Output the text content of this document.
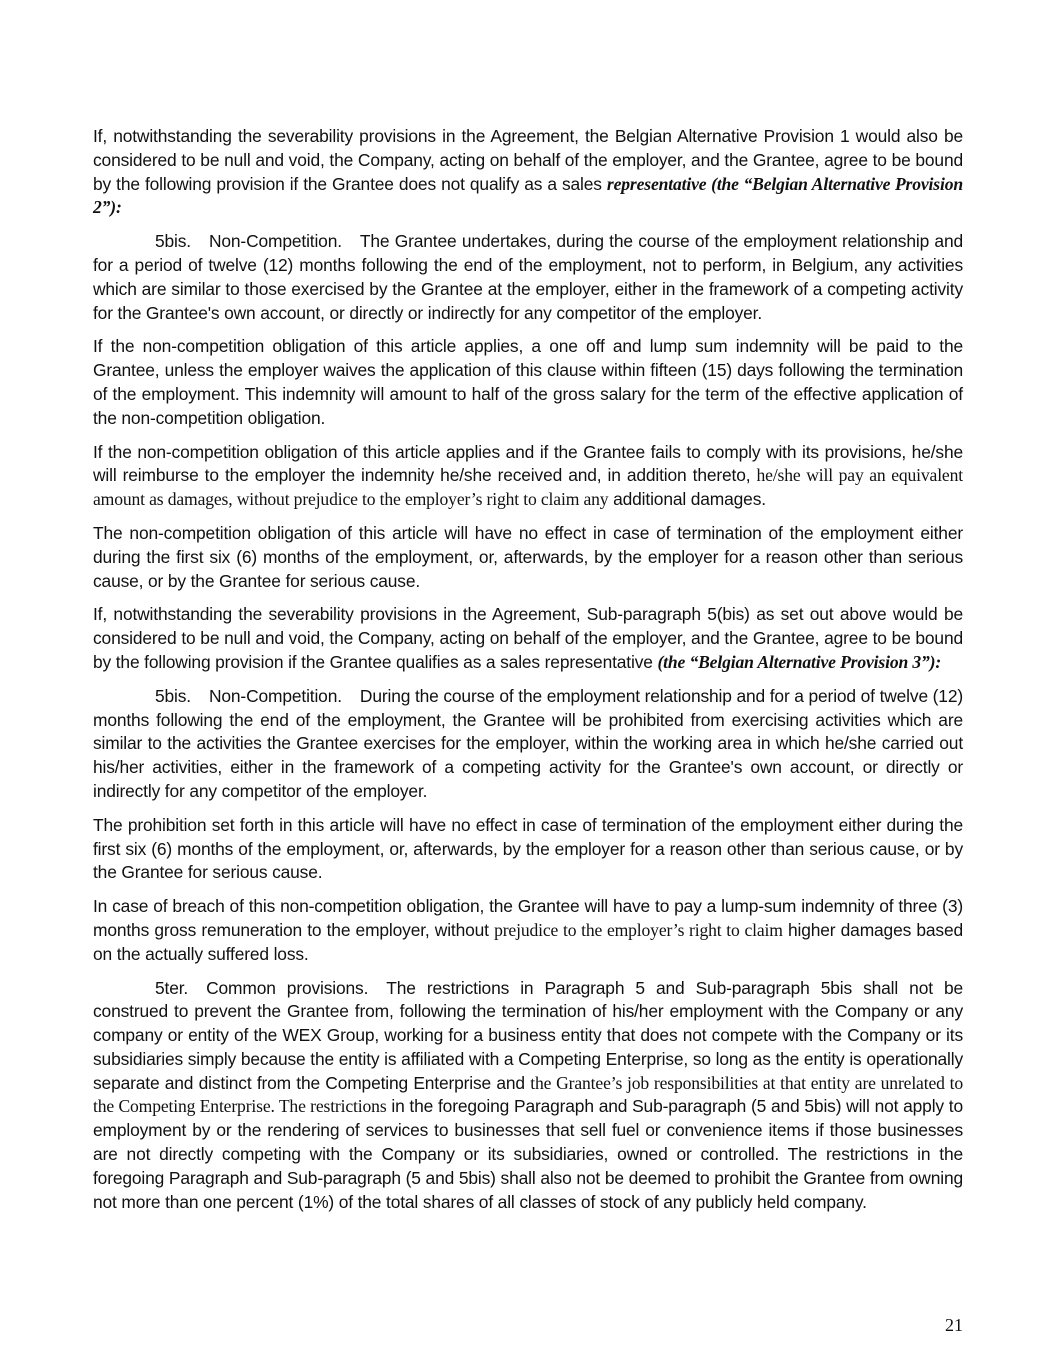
If, notwithstanding the severability provisions in the Agreement, the Belgian Alternative Provision 1 would also be considered to be null and void, the Company, acting on behalf of the employer, and the Grantee, agree to be bound by the following provision if the Grantee does not qualify as a sales representative (the “Belgian Alternative Provision 2”):

5bis. Non-Competition. The Grantee undertakes, during the course of the employment relationship and for a period of twelve (12) months following the end of the employment, not to perform, in Belgium, any activities which are similar to those exercised by the Grantee at the employer, either in the framework of a competing activity for the Grantee's own account, or directly or indirectly for any competitor of the employer.

If the non-competition obligation of this article applies, a one off and lump sum indemnity will be paid to the Grantee, unless the employer waives the application of this clause within fifteen (15) days following the termination of the employment. This indemnity will amount to half of the gross salary for the term of the effective application of the non-competition obligation.

If the non-competition obligation of this article applies and if the Grantee fails to comply with its provisions, he/she will reimburse to the employer the indemnity he/she received and, in addition thereto, he/she will pay an equivalent amount as damages, without prejudice to the employer’s right to claim any additional damages.

The non-competition obligation of this article will have no effect in case of termination of the employment either during the first six (6) months of the employment, or, afterwards, by the employer for a reason other than serious cause, or by the Grantee for serious cause.

If, notwithstanding the severability provisions in the Agreement, Sub-paragraph 5(bis) as set out above would be considered to be null and void, the Company, acting on behalf of the employer, and the Grantee, agree to be bound by the following provision if the Grantee qualifies as a sales representative (the “Belgian Alternative Provision 3”):

5bis. Non-Competition. During the course of the employment relationship and for a period of twelve (12) months following the end of the employment, the Grantee will be prohibited from exercising activities which are similar to the activities the Grantee exercises for the employer, within the working area in which he/she carried out his/her activities, either in the framework of a competing activity for the Grantee's own account, or directly or indirectly for any competitor of the employer.

The prohibition set forth in this article will have no effect in case of termination of the employment either during the first six (6) months of the employment, or, afterwards, by the employer for a reason other than serious cause, or by the Grantee for serious cause.

In case of breach of this non-competition obligation, the Grantee will have to pay a lump-sum indemnity of three (3) months gross remuneration to the employer, without prejudice to the employer’s right to claim higher damages based on the actually suffered loss.

5ter. Common provisions. The restrictions in Paragraph 5 and Sub-paragraph 5bis shall not be construed to prevent the Grantee from, following the termination of his/her employment with the Company or any company or entity of the WEX Group, working for a business entity that does not compete with the Company or its subsidiaries simply because the entity is affiliated with a Competing Enterprise, so long as the entity is operationally separate and distinct from the Competing Enterprise and the Grantee’s job responsibilities at that entity are unrelated to the Competing Enterprise. The restrictions in the foregoing Paragraph and Sub-paragraph (5 and 5bis) will not apply to employment by or the rendering of services to businesses that sell fuel or convenience items if those businesses are not directly competing with the Company or its subsidiaries, owned or controlled. The restrictions in the foregoing Paragraph and Sub-paragraph (5 and 5bis) shall also not be deemed to prohibit the Grantee from owning not more than one percent (1%) of the total shares of all classes of stock of any publicly held company.

21
